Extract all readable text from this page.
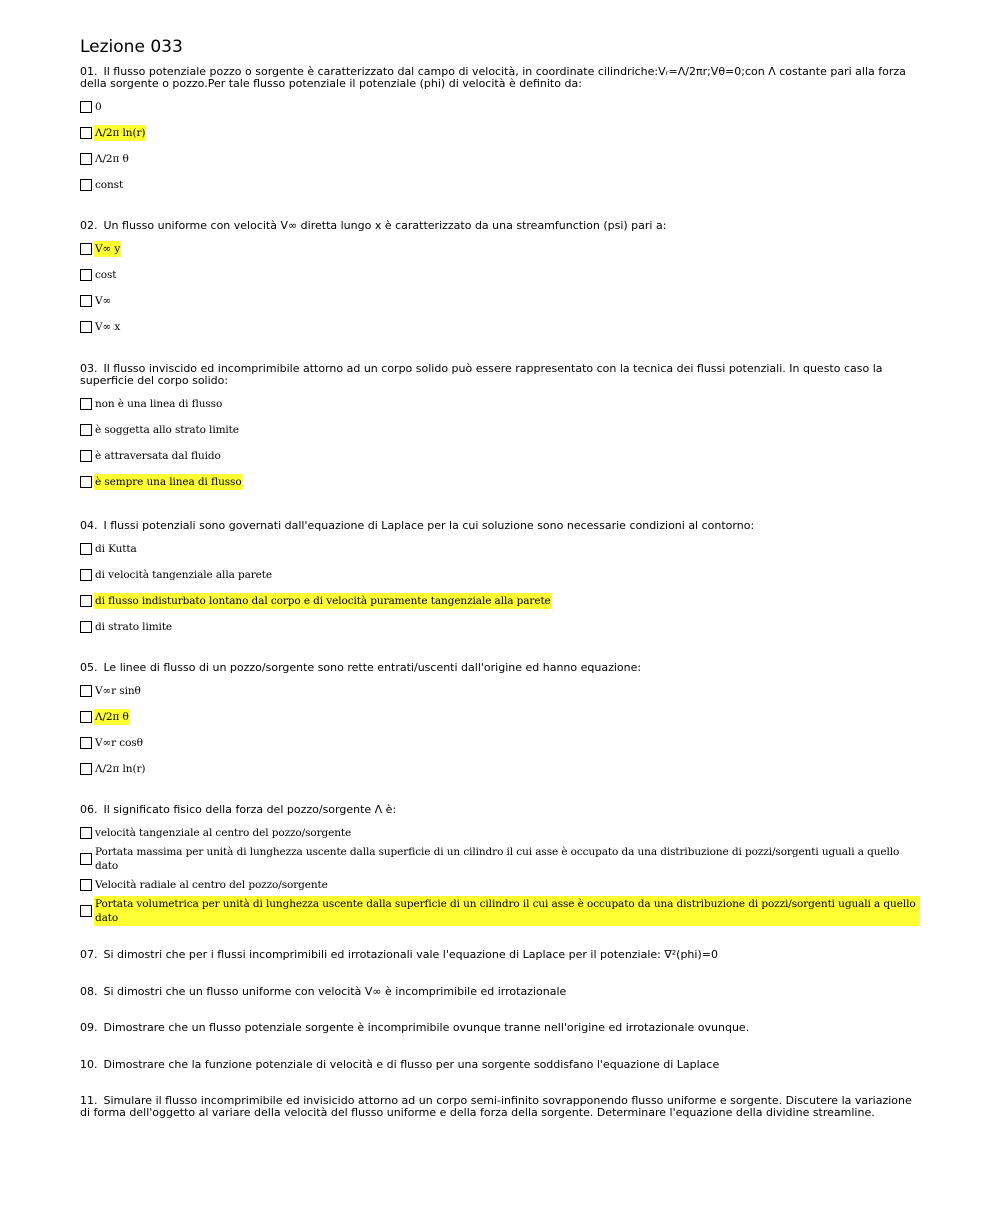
Lezione 033

01. Il flusso potenziale pozzo o sorgente è caratterizzato dal campo di velocità, in coordinate cilindriche:Vᵣ=Λ/2πr;Vθ=0;con Λ costante pari alla forza della sorgente o pozzo.Per tale flusso potenziale il potenziale (phi) di velocità è definito da:

0
Λ/2π ln(r)
Λ/2π θ
const

02. Un flusso uniforme con velocità V∞ diretta lungo x è caratterizzato da una streamfunction (psi) pari a:

V∞ y
cost
V∞
V∞ x

03. Il flusso inviscido ed incomprimibile attorno ad un corpo solido può essere rappresentato con la tecnica dei flussi potenziali. In questo caso la superficie del corpo solido:

non è una linea di flusso
è soggetta allo strato limite
è attraversata dal fluido
è sempre una linea di flusso

04. I flussi potenziali sono governati dall'equazione di Laplace per la cui soluzione sono necessarie condizioni al contorno:

di Kutta
di velocità tangenziale alla parete
di flusso indisturbato lontano dal corpo e di velocità puramente tangenziale alla parete
di strato limite

05. Le linee di flusso di un pozzo/sorgente sono rette entrati/uscenti dall'origine ed hanno equazione:

V∞r sinθ
Λ/2π θ
V∞r cosθ
Λ/2π ln(r)

06. Il significato fisico della forza del pozzo/sorgente Λ è:

velocità tangenziale al centro del pozzo/sorgente
Portata massima per unità di lunghezza uscente dalla superficie di un cilindro il cui asse è occupato da una distribuzione di pozzi/sorgenti uguali a quello dato
Velocità radiale al centro del pozzo/sorgente
Portata volumetrica per unità di lunghezza uscente dalla superficie di un cilindro il cui asse è occupato da una distribuzione di pozzi/sorgenti uguali a quello dato

07. Si dimostri che per i flussi incomprimibili ed irrotazionali vale l'equazione di Laplace per il potenziale: ∇²(phi)=0

08. Si dimostri che un flusso uniforme con velocità V∞ è incomprimibile ed irrotazionale

09. Dimostrare che un flusso potenziale sorgente è incomprimibile ovunque tranne nell'origine ed irrotazionale ovunque.

10. Dimostrare che la funzione potenziale di velocità e di flusso per una sorgente soddisfano l'equazione di Laplace

11. Simulare il flusso incomprimibile ed invisicido attorno ad un corpo semi-infinito sovrapponendo flusso uniforme e sorgente. Discutere la variazione di forma dell'oggetto al variare della velocità del flusso uniforme e della forza della sorgente. Determinare l'equazione della dividine streamline.
